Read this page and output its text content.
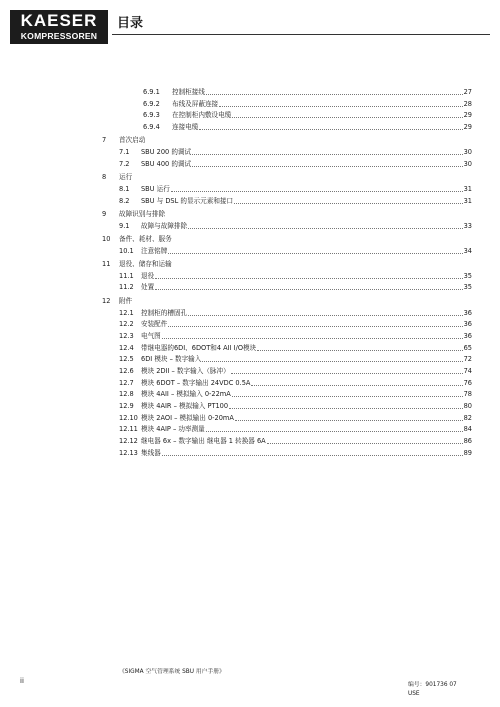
KAESER
KOMPRESSOREN
目录
6.9.1 控制柜接线	27
6.9.2 布线及屏蔽连接	28
6.9.3 在控制柜内敷设电缆	29
6.9.4 连接电缆	29
7 首次启动
7.1 SBU 200 的调试	30
7.2 SBU 400 的调试	30
8 运行
8.1 SBU 运行	31
8.2 SBU 与 DSL 的显示元素和接口	31
9 故障识别与排除
9.1 故障与故障排除	33
10 备件、耗材、服务
10.1 注意铭牌	34
11 退役、储存和运输
11.1 退役	35
11.2 处置	35
12 附件
12.1 控制柜的槽固孔	36
12.2 安装配件	36
12.3 电气图	36
12.4 带继电器的6DI、6DOT和4 AII I/O模块	65
12.5 6DI 模块 – 数字输入	72
12.6 模块 2DII – 数字输入（脉冲）	74
12.7 模块 6DOT – 数字输出 24VDC 0.5A	76
12.8 模块 4AII – 模拟输入 0-22mA	78
12.9 模块 4AIR – 模拟输入 PT100	80
12.10 模块 2AOI – 模拟输出 0-20mA	82
12.11 模块 4AIP – 功率测量	84
12.12 继电器 6x – 数字输出 继电器 1 转换器 6A	86
12.13 集线器	89
《SIGMA 空气管理系统 SBU 用户手册》
ii	编号：901736 07
USE
